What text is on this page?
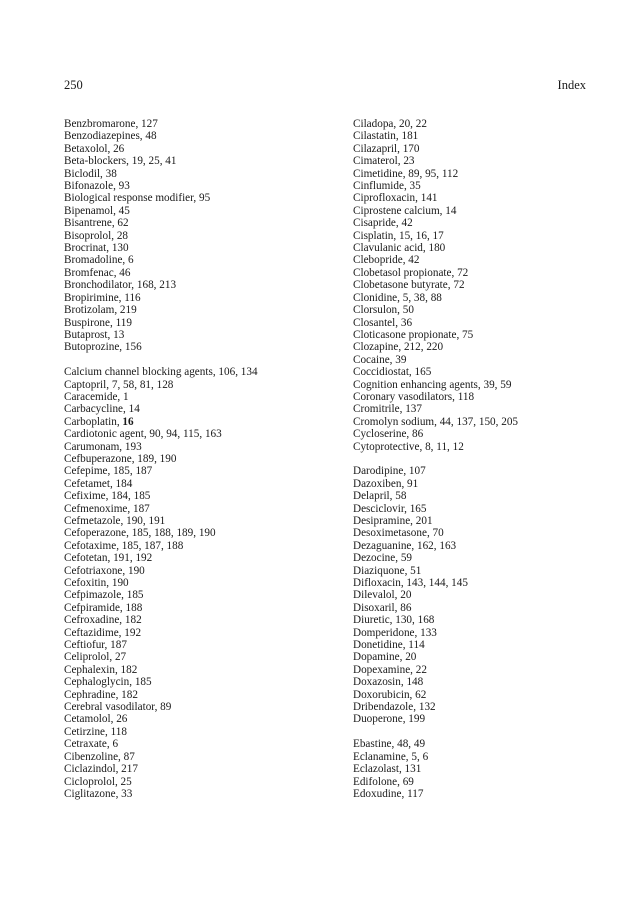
250	Index
Benzbromarone, 127
Benzodiazepines, 48
Betaxolol, 26
Beta-blockers, 19, 25, 41
Biclodil, 38
Bifonazole, 93
Biological response modifier, 95
Bipenamol, 45
Bisantrene, 62
Bisoprolol, 28
Brocrinat, 130
Bromadoline, 6
Bromfenac, 46
Bronchodilator, 168, 213
Bropirimine, 116
Brotizolam, 219
Buspirone, 119
Butaprost, 13
Butoprozine, 156
Calcium channel blocking agents, 106, 134
Captopril, 7, 58, 81, 128
Caracemide, 1
Carbacycline, 14
Carboplatin, 16
Cardiotonic agent, 90, 94, 115, 163
Carumonam, 193
Cefbuperazone, 189, 190
Cefepime, 185, 187
Cefetamet, 184
Cefixime, 184, 185
Cefmenoxime, 187
Cefmetazole, 190, 191
Cefoperazone, 185, 188, 189, 190
Cefotaxime, 185, 187, 188
Cefotetan, 191, 192
Cefotriaxone, 190
Cefoxitin, 190
Cefpimazole, 185
Cefpiramide, 188
Cefroxadine, 182
Ceftazidime, 192
Ceftiofur, 187
Celiprolol, 27
Cephalexin, 182
Cephaloglycin, 185
Cephradine, 182
Cerebral vasodilator, 89
Cetamolol, 26
Cetirzine, 118
Cetraxate, 6
Cibenzoline, 87
Ciclazindol, 217
Cicloprolol, 25
Ciglitazone, 33
Ciladopa, 20, 22
Cilastatin, 181
Cilazapril, 170
Cimaterol, 23
Cimetidine, 89, 95, 112
Cinflumide, 35
Ciprofloxacin, 141
Ciprostene calcium, 14
Cisapride, 42
Cisplatin, 15, 16, 17
Clavulanic acid, 180
Clebopride, 42
Clobetasol propionate, 72
Clobetasone butyrate, 72
Clonidine, 5, 38, 88
Clorsulon, 50
Closantel, 36
Cloticasone propionate, 75
Clozapine, 212, 220
Cocaine, 39
Coccidiostat, 165
Cognition enhancing agents, 39, 59
Coronary vasodilators, 118
Cromitrile, 137
Cromolyn sodium, 44, 137, 150, 205
Cycloserine, 86
Cytoprotective, 8, 11, 12
Darodipine, 107
Dazoxiben, 91
Delapril, 58
Desciclovir, 165
Desipramine, 201
Desoximetasone, 70
Dezaguanine, 162, 163
Dezocine, 59
Diaziquone, 51
Difloxacin, 143, 144, 145
Dilevalol, 20
Disoxaril, 86
Diuretic, 130, 168
Domperidone, 133
Donetidine, 114
Dopamine, 20
Dopexamine, 22
Doxazosin, 148
Doxorubicin, 62
Dribendazole, 132
Duoperone, 199
Ebastine, 48, 49
Eclanamine, 5, 6
Eclazolast, 131
Edifolone, 69
Edoxudine, 117
